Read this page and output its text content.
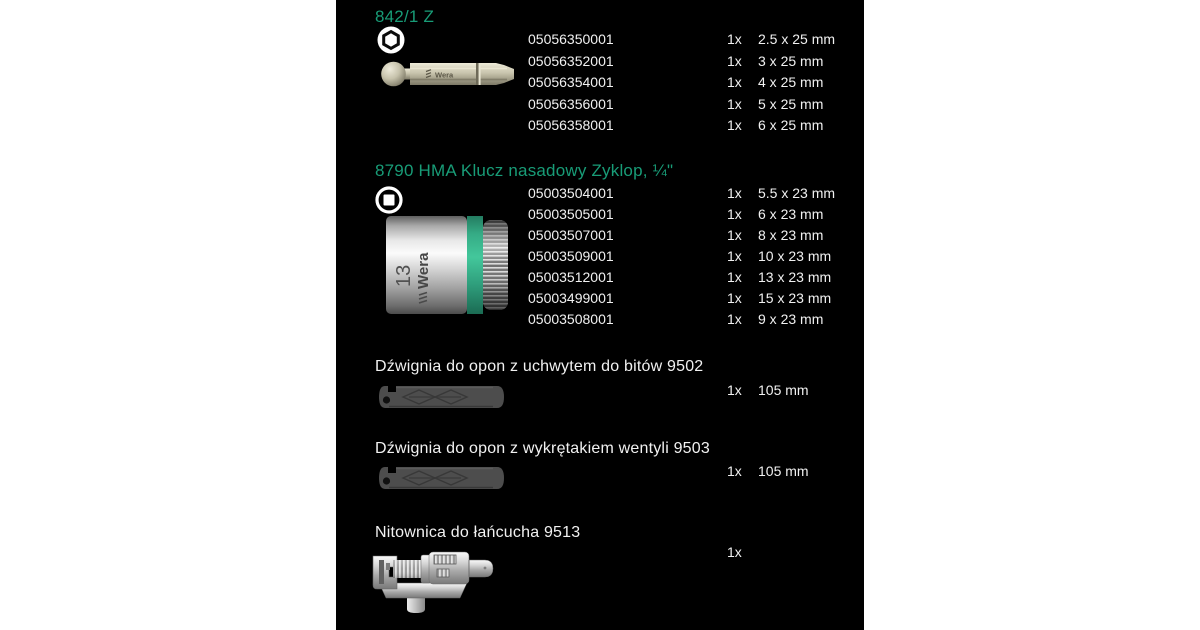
842/1 Z
Wera
05056350001	1x 2.5 x 25 mm
05056352001	1x 3 x 25 mm
05056354001	1x 4 x 25 mm
05056356001	1x 5 x 25 mm
05056358001	1x 6 x 25 mm
8790 HMA Klucz nasadowy Zyklop, ¼"
13 Wera
05003504001	1x 5.5 x 23 mm
05003505001	1x 6 x 23 mm
05003507001	1x 8 x 23 mm
05003509001	1x 10 x 23 mm
05003512001	1x 13 x 23 mm
05003499001	1x 15 x 23 mm
05003508001	1x 9 x 23 mm
Dźwignia do opon z uchwytem do bitów 9502
1x 105 mm
Dźwignia do opon z wykrętakiem wentyli 9503
1x 105 mm
Nitownica do łańcucha 9513
1x
